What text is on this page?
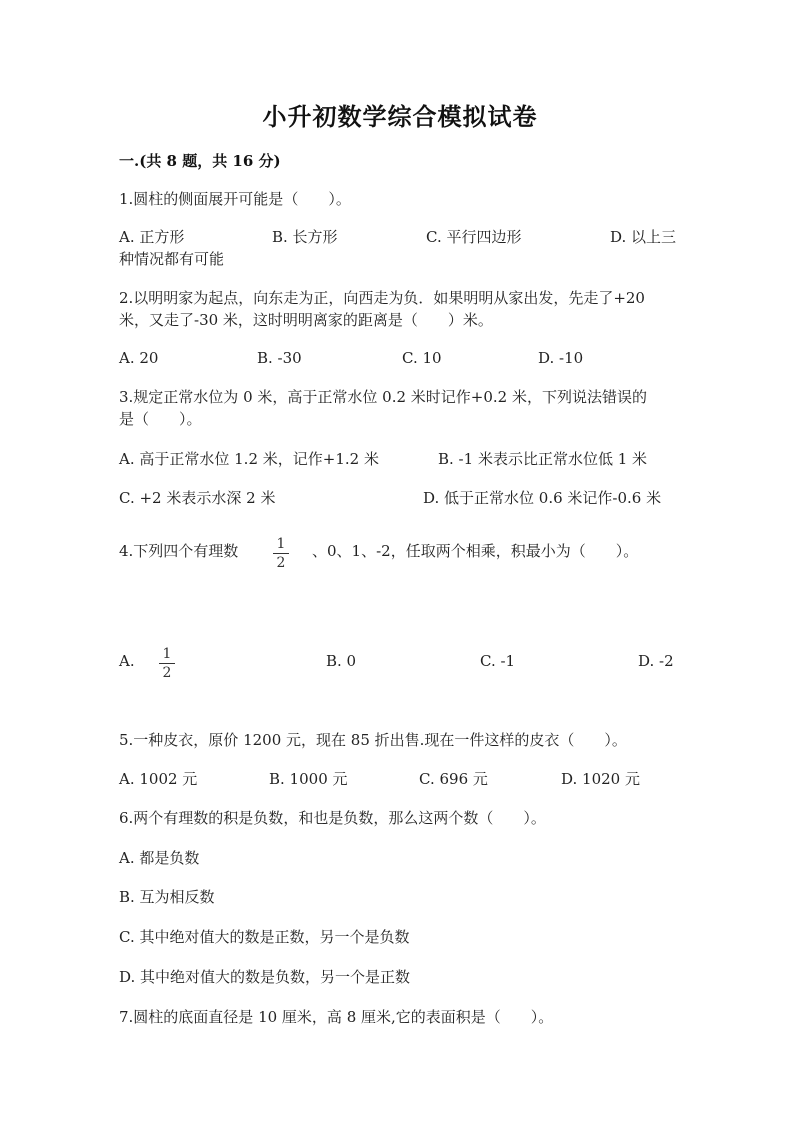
小升初数学综合模拟试卷
一.(共 8 题，共 16 分)
1.圆柱的侧面展开可能是（　　）。
A. 正方形	B. 长方形	C. 平行四边形	D. 以上三
种情况都有可能
2.以明明家为起点，向东走为正，向西走为负．如果明明从家出发，先走了+20
米，又走了-30 米，这时明明离家的距离是（　　）米。
A. 20	B. -30	C. 10	D. -10
3.规定正常水位为 0 米，高于正常水位 0.2 米时记作+0.2 米，下列说法错误的
是（　　）。
A. 高于正常水位 1.2 米，记作+1.2 米	B. -1 米表示比正常水位低 1 米
C. +2 米表示水深 2 米	D. 低于正常水位 0.6 米记作-0.6 米
4.下列四个有理数 $\frac{1}{2}$ 、0、1、-2，任取两个相乘，积最小为（　　）。
A. $\frac{1}{2}$	B. 0	C. -1	D. -2
5.一种皮衣，原价 1200 元，现在 85 折出售.现在一件这样的皮衣（　　）。
A. 1002 元	B. 1000 元	C. 696 元	D. 1020 元
6.两个有理数的积是负数，和也是负数，那么这两个数（　　）。
A. 都是负数
B. 互为相反数
C. 其中绝对值大的数是正数，另一个是负数
D. 其中绝对值大的数是负数，另一个是正数
7.圆柱的底面直径是 10 厘米，高 8 厘米,它的表面积是（　　）。
